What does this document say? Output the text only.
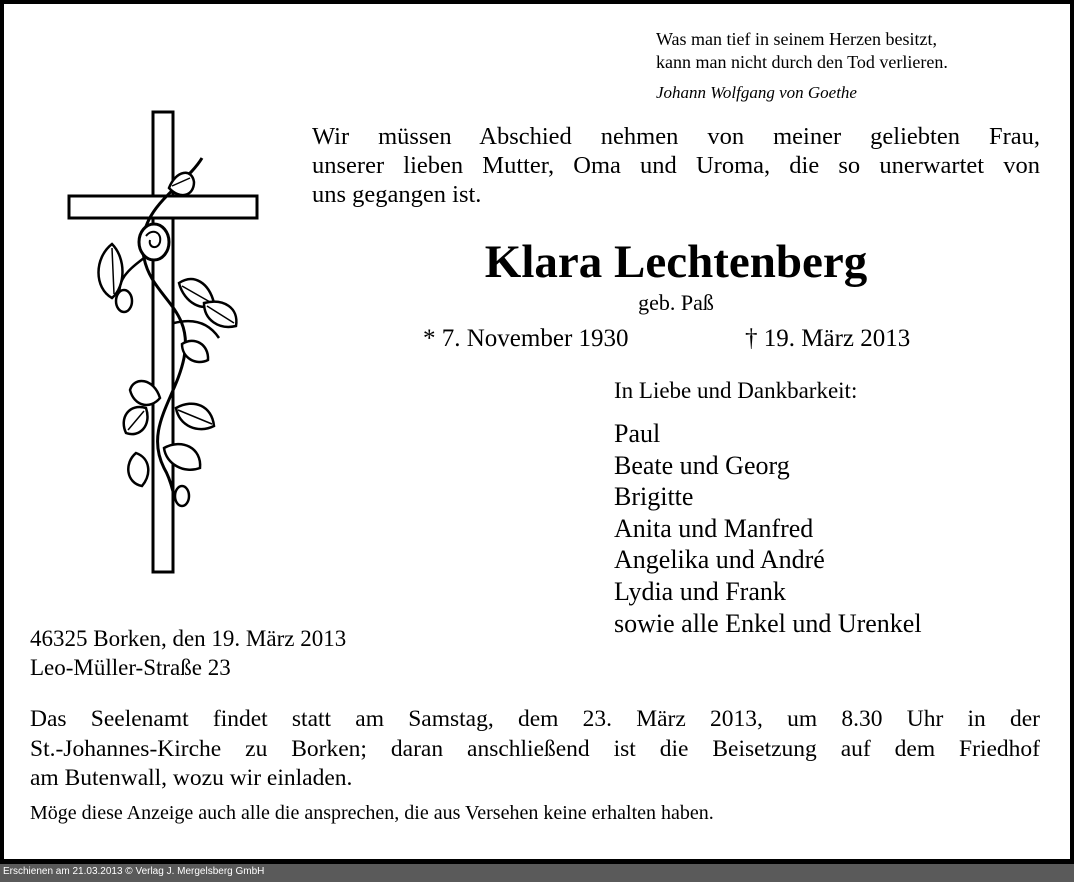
Was man tief in seinem Herzen besitzt,
kann man nicht durch den Tod verlieren.
Johann Wolfgang von Goethe
Wir müssen Abschied nehmen von meiner geliebten Frau,
unserer lieben Mutter, Oma und Uroma, die so unerwartet von
uns gegangen ist.
Klara Lechtenberg
geb. Paß
* 7. November 1930	† 19. März 2013
In Liebe und Dankbarkeit:
Paul
Beate und Georg
Brigitte
Anita und Manfred
Angelika und André
Lydia und Frank
sowie alle Enkel und Urenkel
46325 Borken, den 19. März 2013
Leo-Müller-Straße 23
Das Seelenamt findet statt am Samstag, dem 23. März 2013, um 8.30 Uhr in der
St.-Johannes-Kirche zu Borken; daran anschließend ist die Beisetzung auf dem Friedhof
am Butenwall, wozu wir einladen.
Möge diese Anzeige auch alle die ansprechen, die aus Versehen keine erhalten haben.
Erschienen am 21.03.2013 © Verlag J. Mergelsberg GmbH
